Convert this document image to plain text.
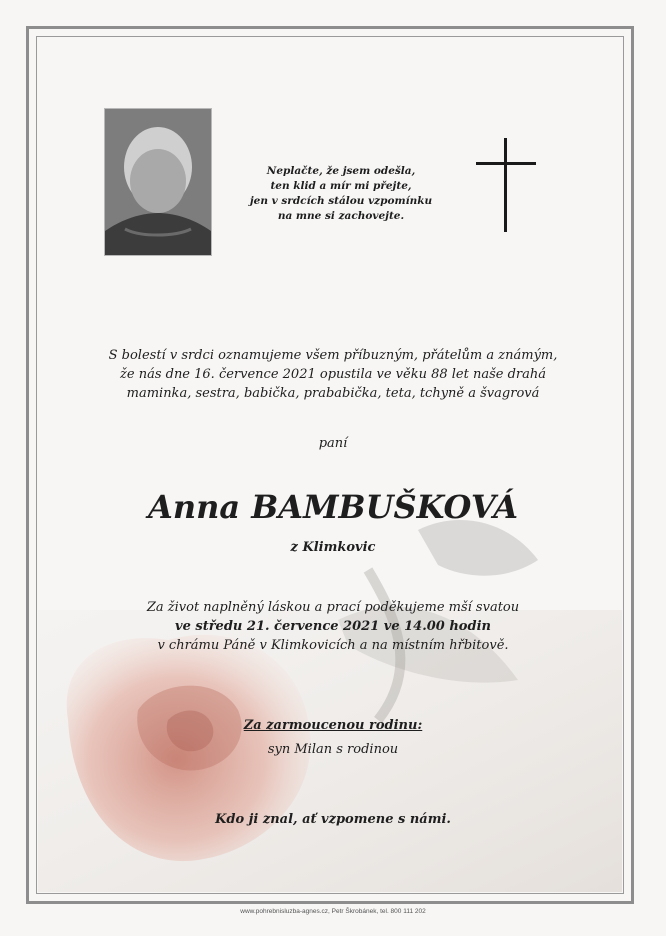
Neplačte, že jsem odešla,
ten klid a mír mi přejte,
jen v srdcích stálou vzpomínku
na mne si zachovejte.
S bolestí v srdci oznamujeme všem příbuzným, přátelům a známým,
že nás dne 16. července 2021 opustila ve věku 88 let naše drahá
maminka, sestra, babička, prababička, teta, tchyně a švagrová
paní
Anna BAMBUŠKOVÁ
z Klimkovic
Za život naplněný láskou a prací poděkujeme mší svatou
ve středu 21. července 2021 ve 14.00 hodin
v chrámu Páně v Klimkovicích a na místním hřbitově.
Za zarmoucenou rodinu:
syn Milan s rodinou
Kdo ji znal, ať vzpomene s námi.
www.pohrebnisluzba-agnes.cz, Petr Škrobánek, tel. 800 111 202
